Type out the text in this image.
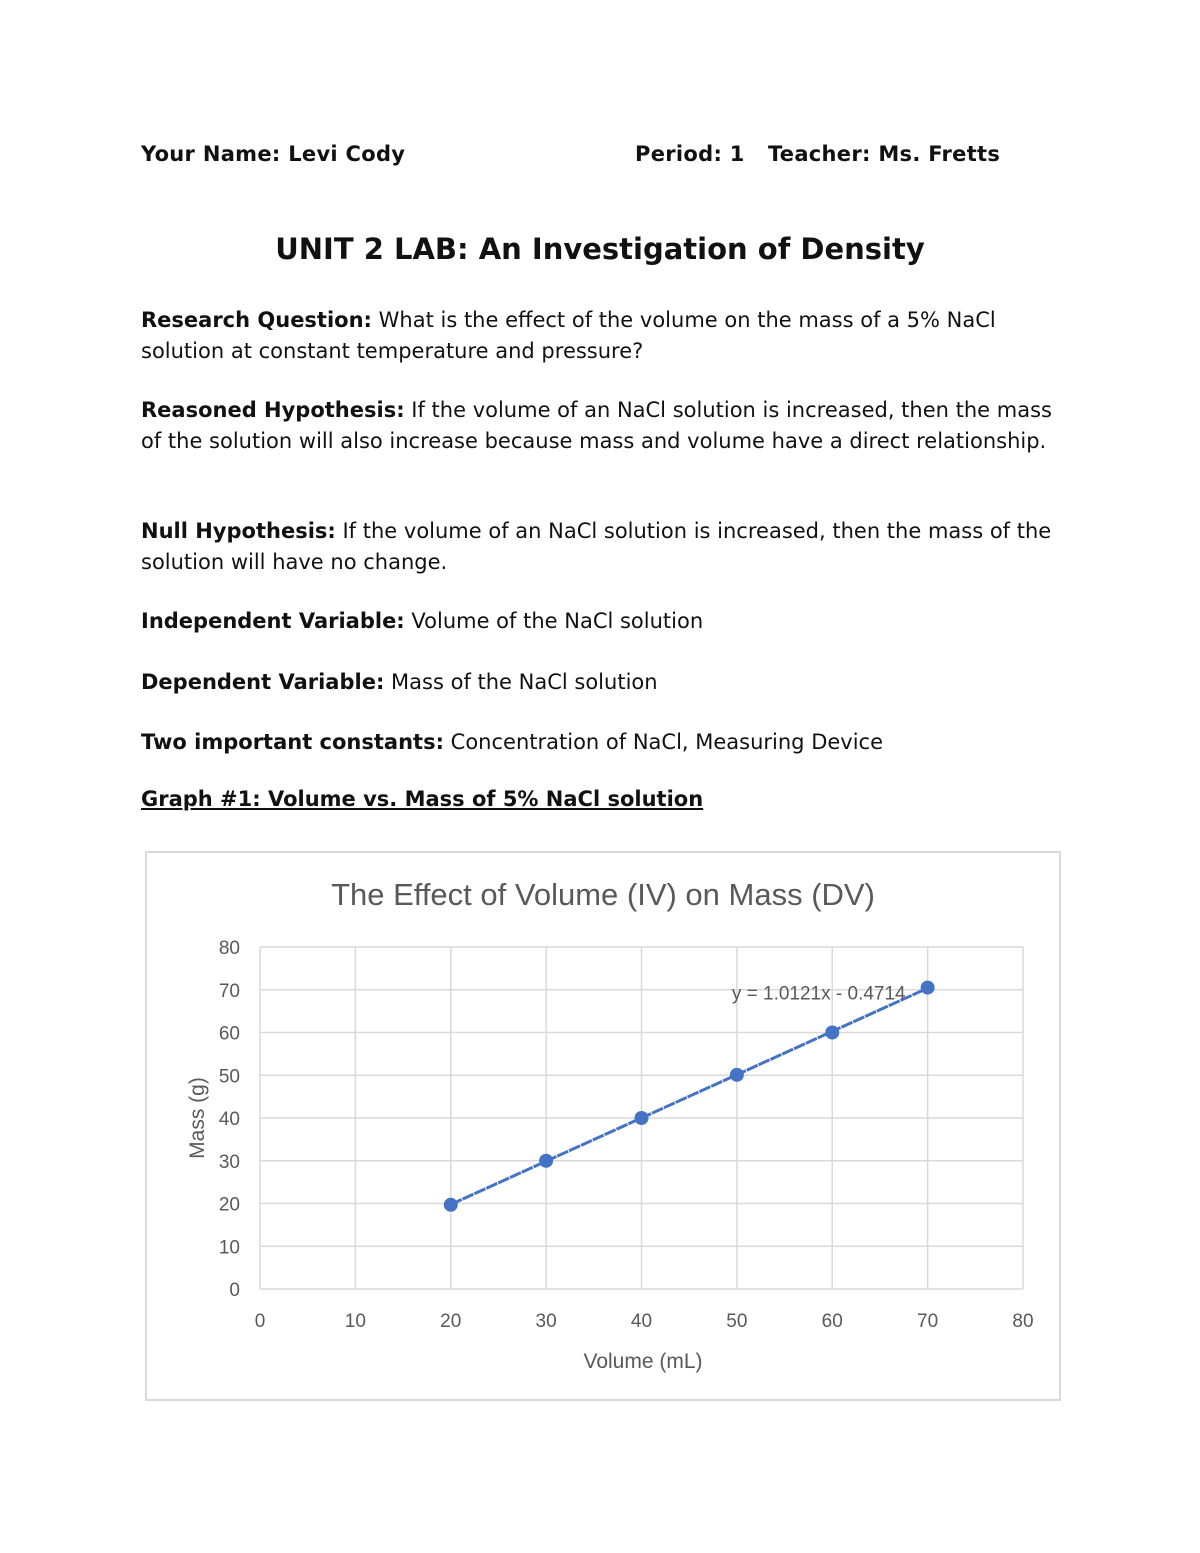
Your Name: Levi Cody	Period: 1 Teacher: Ms. Fretts
UNIT 2 LAB: An Investigation of Density
Research Question: What is the effect of the volume on the mass of a 5% NaCl solution at constant temperature and pressure?
Reasoned Hypothesis: If the volume of an NaCl solution is increased, then the mass of the solution will also increase because mass and volume have a direct relationship.
Null Hypothesis: If the volume of an NaCl solution is increased, then the mass of the solution will have no change.
Independent Variable: Volume of the NaCl solution
Dependent Variable: Mass of the NaCl solution
Two important constants: Concentration of NaCl, Measuring Device
Graph #1: Volume vs. Mass of 5% NaCl solution
The Effect of Volume (IV) on Mass (DV)
Volume (mL)
Mass (g)
0	10	20	30	40	50	60	70	80
0
10
20
30
40
50
60
70
80
y = 1.0121x - 0.4714
